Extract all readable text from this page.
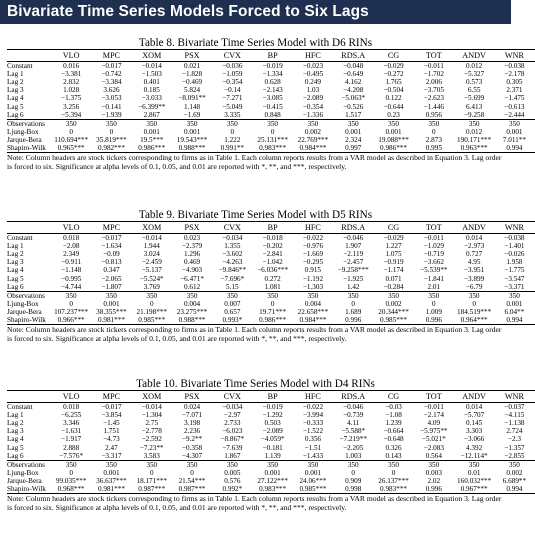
Bivariate Time Series Models Forced to Six Lags
Table 8. Bivariate Time Series Model with D6 RINs
	VLO	MPC	XOM	PSX	CVX	BP	HFC	RDS.A	CG	TOT	ANDV	WNR
Constant	0.016	−0.017	−0.014	0.021	−0.036	−0.019	−0.023	−0.048	−0.029	−0.011	0.012	−0.038
Lag 1	−3.381	−0.742	−1.503	−1.828	−1.059	−1.334	−0.495	−0.649	−0.272	−1.702	−5.327	−2.178
Lag 2	2.832	−3.384	0.401	−0.469	−0.354	0.628	0.249	4.162	1.765	2.006	0.573	0.305
Lag 3	1.028	3.626	0.185	5.824	−0.14	−2.143	1.03	−4.208	−0.504	−3.705	6.55	2.371
Lag 4	−1.375	−3.053	−3.033	−8.091**	−7.271	−3.085	−2.089	−5.063*	0.122	−2.623	−5.699	−1.475
Lag 5	3.256	−0.141	−6.399**	1.148	−5.049	−0.415	−0.354	−0.526	−0.644	−1.446	6.413	−0.613
Lag 6	−5.394	−1.939	2.867	−1.69	3.335	0.848	−1.336	1.517	0.23	0.956	−9.258	−2.444
Observations	350	350	350	350	350	350	350	350	350	350	350	350
Ljung-Box	0	0	0.001	0.001	0	0	0.002	0.001	0.001	0	0.012	0.001
Jarque-Bera	110.694***	35.819***	19.5***	19.543***	1.222	25.131***	22.769***	2.324	19.088***	2.873	190.171***	7.011**
Shapiro-Wilk	0.965***	0.982***	0.986***	0.988***	0.991**	0.983***	0.984***	0.997	0.986***	0.995	0.963***	0.994
Note: Column headers are stock tickers corresponding to firms as in Table 1. Each column reports results from a VAR model as described in Equation 3. Lag order is forced to six. Significance at alpha levels of 0.1, 0.05, and 0.01 are reported with *, **, and ***, respectively.
Table 9. Bivariate Time Series Model with D5 RINs
	VLO	MPC	XOM	PSX	CVX	BP	HFC	RDS.A	CG	TOT	ANDV	WNR
Constant	0.018	−0.017	−0.014	0.023	−0.034	−0.018	−0.022	−0.046	−0.029	−0.011	0.014	−0.038
Lag 1	−2.08	−1.634	1.944	−2.379	1.355	−0.202	−0.976	1.907	1.227	−1.029	−2.973	−1.401
Lag 2	2.349	−0.09	3.024	1.296	−3.602	−2.841	−1.669	−2.119	1.075	−0.719	0.727	−0.026
Lag 3	−0.911	−0.813	−2.459	0.469	−4.263	−1.042	−0.295	−2.457	−0.919	−3.662	4.95	1.958
Lag 4	−1.148	0.347	−5.137	−4.903	−9.846**	−6.036***	0.915	−9.258***	−1.174	−5.539**	−3.951	−1.775
Lag 5	−0.995	−2.065	−5.524*	−6.471*	−7.696*	0.272	−1.192	−1.925	0.071	−1.841	−3.899	−3.547
Lag 6	−4.744	−1.807	3.769	0.612	5.15	1.081	−1.303	1.42	−0.284	2.01	−6.79	−3.371
Observations	350	350	350	350	350	350	350	350	350	350	350	350
Ljung-Box	0	0.001	0	0.004	0.007	0	0.004	0	0.002	0	0	0.001
Jarque-Bera	107.237***	38.355***	21.198***	23.275***	0.657	19.71***	22.658***	1.689	20.344***	1.009	184.519***	6.04**
Shapiro-Wilk	0.966***	0.981***	0.985***	0.988***	0.993*	0.986***	0.984***	0.996	0.985***	0.996	0.964***	0.994
Note: Column headers are stock tickers corresponding to firms as in Table 1. Each column reports results from a VAR model as described in Equation 3. Lag order is forced to six. Significance at alpha levels of 0.1, 0.05, and 0.01 are reported with *, **, and ***, respectively.
Table 10. Bivariate Time Series Model with D4 RINs
	VLO	MPC	XOM	PSX	CVX	BP	HFC	RDS.A	CG	TOT	ANDV	WNR
Constant	0.018	−0.017	−0.014	0.024	−0.034	−0.019	−0.022	−0.046	−0.03	−0.011	0.014	−0.037
Lag 1	−6.255	−3.854	−1.304	−7.071	−2.97	−1.292	−3.994	−0.739	−1.08	−2.174	−5.707	−4.115
Lag 2	3.346	−1.45	2.75	3.198	2.733	0.503	−0.333	4.11	1.239	4.09	0.145	−1.138
Lag 3	−1.631	1.751	−2.778	2.236	−6.023	−2.089	−1.522	−5.588*	−0.664	−5.975**	3.303	2.724
Lag 4	−1.917	−4.73	−2.592	−9.2**	−8.867*	−4.059*	0.356	−7.219**	−0.648	−5.021*	−3.066	−2.3
Lag 5	2.888	2.47	−7.23**	−0.358	−7.639	−0.181	−1.51	−2.205	0.326	−2.083	4.392	−1.357
Lag 6	−7.576*	−3.317	3.583	−4.307	1.867	1.139	−1.433	1.003	0.143	0.564	−12.114*	−2.855
Observations	350	350	350	350	350	350	350	350	350	350	350	350
Ljung-Box	0	0.001	0	0	0.005	0.001	0.001	0	0	0.003	0.01	0.002
Jarque-Bera	99.035***	36.637***	18.171***	21.54***	0.576	27.122***	24.06***	0.909	26.137***	2.02	160.032***	6.689**
Shapiro-Wilk	0.968***	0.981***	0.987***	0.987***	0.992*	0.983***	0.985***	0.998	0.983***	0.996	0.967***	0.994
Note: Column headers are stock tickers corresponding to firms as in Table 1. Each column reports results from a VAR model as described in Equation 3. Lag order is forced to six. Significance at alpha levels of 0.1, 0.05, and 0.01 are reported with *, **, and ***, respectively.
